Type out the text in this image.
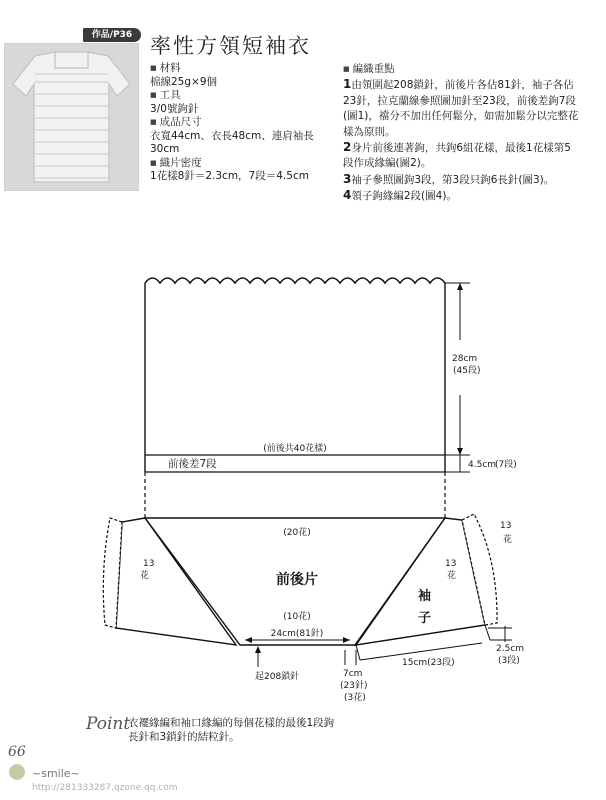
作品/P36 率性方領短袖衣
■ 材料
棉線25g×9個
■ 工具
3/0號鉤針
■ 成品尺寸
衣寬44cm、衣長48cm、連肩袖長30cm
■ 織片密度
1花樣8針＝2.3cm，7段＝4.5cm
■ 編織重點
1由領圍起208鎖針，前後片各佔81針，袖子各佔23針，拉克蘭線參照圖加針至23段，前後差鉤7段(圖1)，襠分不加出任何鬆分，如需加鬆分以完整花樣為原則。
2身片前後連著鉤，共鉤6組花樣，最後1花樣第5段作成緣編(圖2)。
3袖子參照圖鉤3段，第3段只鉤6長針(圖3)。
4領子鉤緣編2段(圖4)。
28cm
(45段)
(前後共40花樣)
前後差7段	4.5cm
(7段)
(20花)
前後片
(10花)
24cm(81針)
起208鎖針
袖
子
13
花
13
花
13
花
7cm
(23針)
(3花)
15cm(23段)
2.5cm
(3段)
Point
衣襬緣編和袖口緣編的每個花樣的最後1段鉤長針和3鎖針的結粒針。
66
~smile~
http://281333287.qzone.qq.com
